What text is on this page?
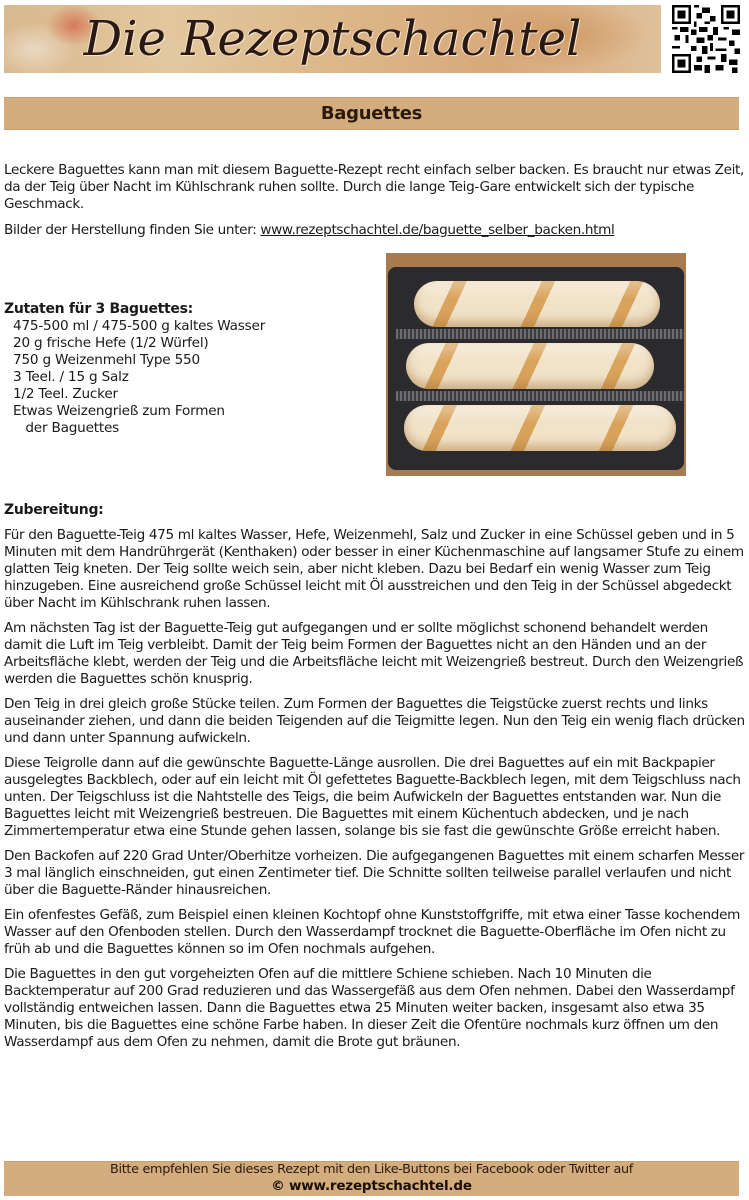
Die Rezeptschachtel
Baguettes

Leckere Baguettes kann man mit diesem Baguette-Rezept recht einfach selber backen. Es braucht nur etwas Zeit, da der Teig über Nacht im Kühlschrank ruhen sollte. Durch die lange Teig-Gare entwickelt sich der typische Geschmack.

Bilder der Herstellung finden Sie unter: www.rezeptschachtel.de/baguette_selber_backen.html

Zutaten für 3 Baguettes:
475-500 ml / 475-500 g kaltes Wasser
20 g frische Hefe (1/2 Würfel)
750 g Weizenmehl Type 550
3 Teel. / 15 g Salz
1/2 Teel. Zucker
Etwas Weizengrieß zum Formen
der Baguettes
Zubereitung:

Für den Baguette-Teig 475 ml kaltes Wasser, Hefe, Weizenmehl, Salz und Zucker in eine Schüssel geben und in 5 Minuten mit dem Handrührgerät (Kenthaken) oder besser in einer Küchenmaschine auf langsamer Stufe zu einem glatten Teig kneten. Der Teig sollte weich sein, aber nicht kleben. Dazu bei Bedarf ein wenig Wasser zum Teig hinzugeben. Eine ausreichend große Schüssel leicht mit Öl ausstreichen und den Teig in der Schüssel abgedeckt über Nacht im Kühlschrank ruhen lassen.

Am nächsten Tag ist der Baguette-Teig gut aufgegangen und er sollte möglichst schonend behandelt werden damit die Luft im Teig verbleibt. Damit der Teig beim Formen der Baguettes nicht an den Händen und an der Arbeitsfläche klebt, werden der Teig und die Arbeitsfläche leicht mit Weizengrieß bestreut. Durch den Weizengrieß werden die Baguettes schön knusprig.

Den Teig in drei gleich große Stücke teilen. Zum Formen der Baguettes die Teigstücke zuerst rechts und links auseinander ziehen, und dann die beiden Teigenden auf die Teigmitte legen. Nun den Teig ein wenig flach drücken und dann unter Spannung aufwickeln.

Diese Teigrolle dann auf die gewünschte Baguette-Länge ausrollen. Die drei Baguettes auf ein mit Backpapier ausgelegtes Backblech, oder auf ein leicht mit Öl gefettetes Baguette-Backblech legen, mit dem Teigschluss nach unten. Der Teigschluss ist die Nahtstelle des Teigs, die beim Aufwickeln der Baguettes entstanden war. Nun die Baguettes leicht mit Weizengrieß bestreuen. Die Baguettes mit einem Küchentuch abdecken, und je nach Zimmertemperatur etwa eine Stunde gehen lassen, solange bis sie fast die gewünschte Größe erreicht haben.

Den Backofen auf 220 Grad Unter/Oberhitze vorheizen. Die aufgegangenen Baguettes mit einem scharfen Messer 3 mal länglich einschneiden, gut einen Zentimeter tief. Die Schnitte sollten teilweise parallel verlaufen und nicht über die Baguette-Ränder hinausreichen.

Ein ofenfestes Gefäß, zum Beispiel einen kleinen Kochtopf ohne Kunststoffgriffe, mit etwa einer Tasse kochendem Wasser auf den Ofenboden stellen. Durch den Wasserdampf trocknet die Baguette-Oberfläche im Ofen nicht zu früh ab und die Baguettes können so im Ofen nochmals aufgehen.

Die Baguettes in den gut vorgeheizten Ofen auf die mittlere Schiene schieben. Nach 10 Minuten die Backtemperatur auf 200 Grad reduzieren und das Wassergefäß aus dem Ofen nehmen. Dabei den Wasserdampf vollständig entweichen lassen. Dann die Baguettes etwa 25 Minuten weiter backen, insgesamt also etwa 35 Minuten, bis die Baguettes eine schöne Farbe haben. In dieser Zeit die Ofentüre nochmals kurz öffnen um den Wasserdampf aus dem Ofen zu nehmen, damit die Brote gut bräunen.

Bitte empfehlen Sie dieses Rezept mit den Like-Buttons bei Facebook oder Twitter auf
© www.rezeptschachtel.de
